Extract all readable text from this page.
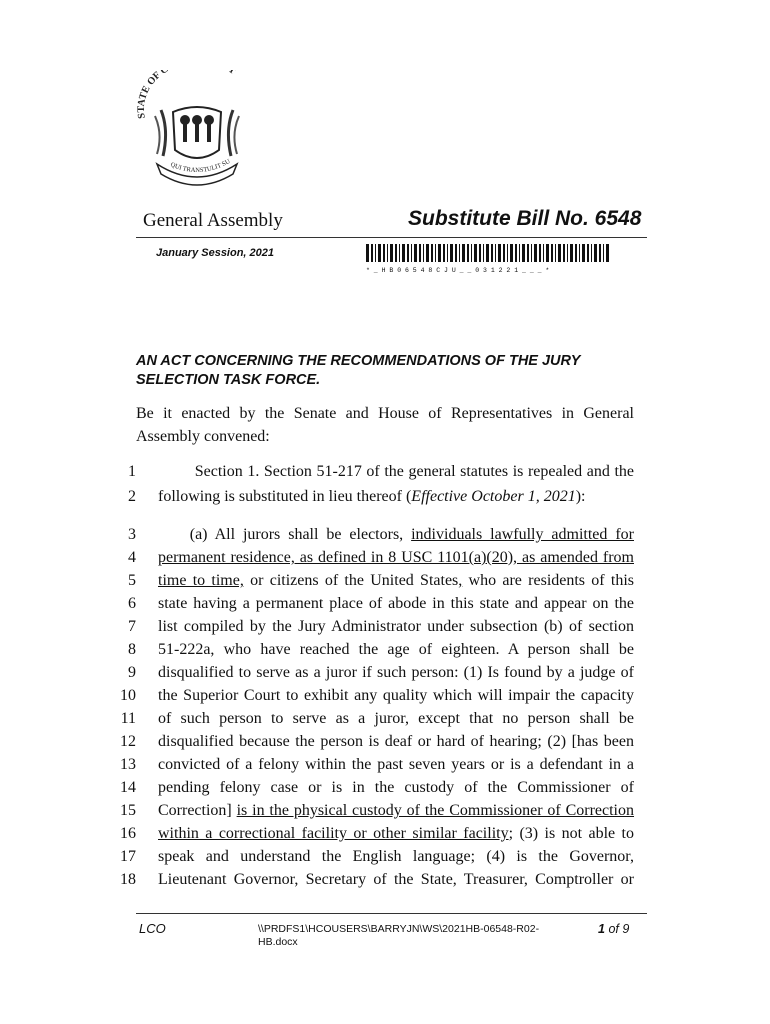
STATE OF C T
QUI TRANSTULIT SU
General Assembly	Substitute Bill No. 6548
January Session, 2021
* _ H B 0 6 5 4 8 C J U _ _ 0 3 1 2 2 1 _ _ _ *
AN ACT CONCERNING THE RECOMMENDATIONS OF THE JURY SELECTION TASK FORCE.
Be it enacted by the Senate and House of Representatives in General Assembly convened:
1 Section 1. Section 51-217 of the general statutes is repealed and the
2 following is substituted in lieu thereof (Effective October 1, 2021):
3 (a) All jurors shall be electors, individuals lawfully admitted for
4 permanent residence, as defined in 8 USC 1101(a)(20), as amended from
5 time to time, or citizens of the United States, who are residents of this
6 state having a permanent place of abode in this state and appear on the
7 list compiled by the Jury Administrator under subsection (b) of section
8 51-222a, who have reached the age of eighteen. A person shall be
9 disqualified to serve as a juror if such person: (1) Is found by a judge of
10 the Superior Court to exhibit any quality which will impair the capacity
11 of such person to serve as a juror, except that no person shall be
12 disqualified because the person is deaf or hard of hearing; (2) [has been
13 convicted of a felony within the past seven years or is a defendant in a
14 pending felony case or is in the custody of the Commissioner of
15 Correction] is in the physical custody of the Commissioner of Correction
16 within a correctional facility or other similar facility; (3) is not able to
17 speak and understand the English language; (4) is the Governor,
18 Lieutenant Governor, Secretary of the State, Treasurer, Comptroller or
LCO	\\PRDFS1\HCOUSERS\BARRYJN\WS\2021HB-06548-R02-HB.docx
1 of 9
